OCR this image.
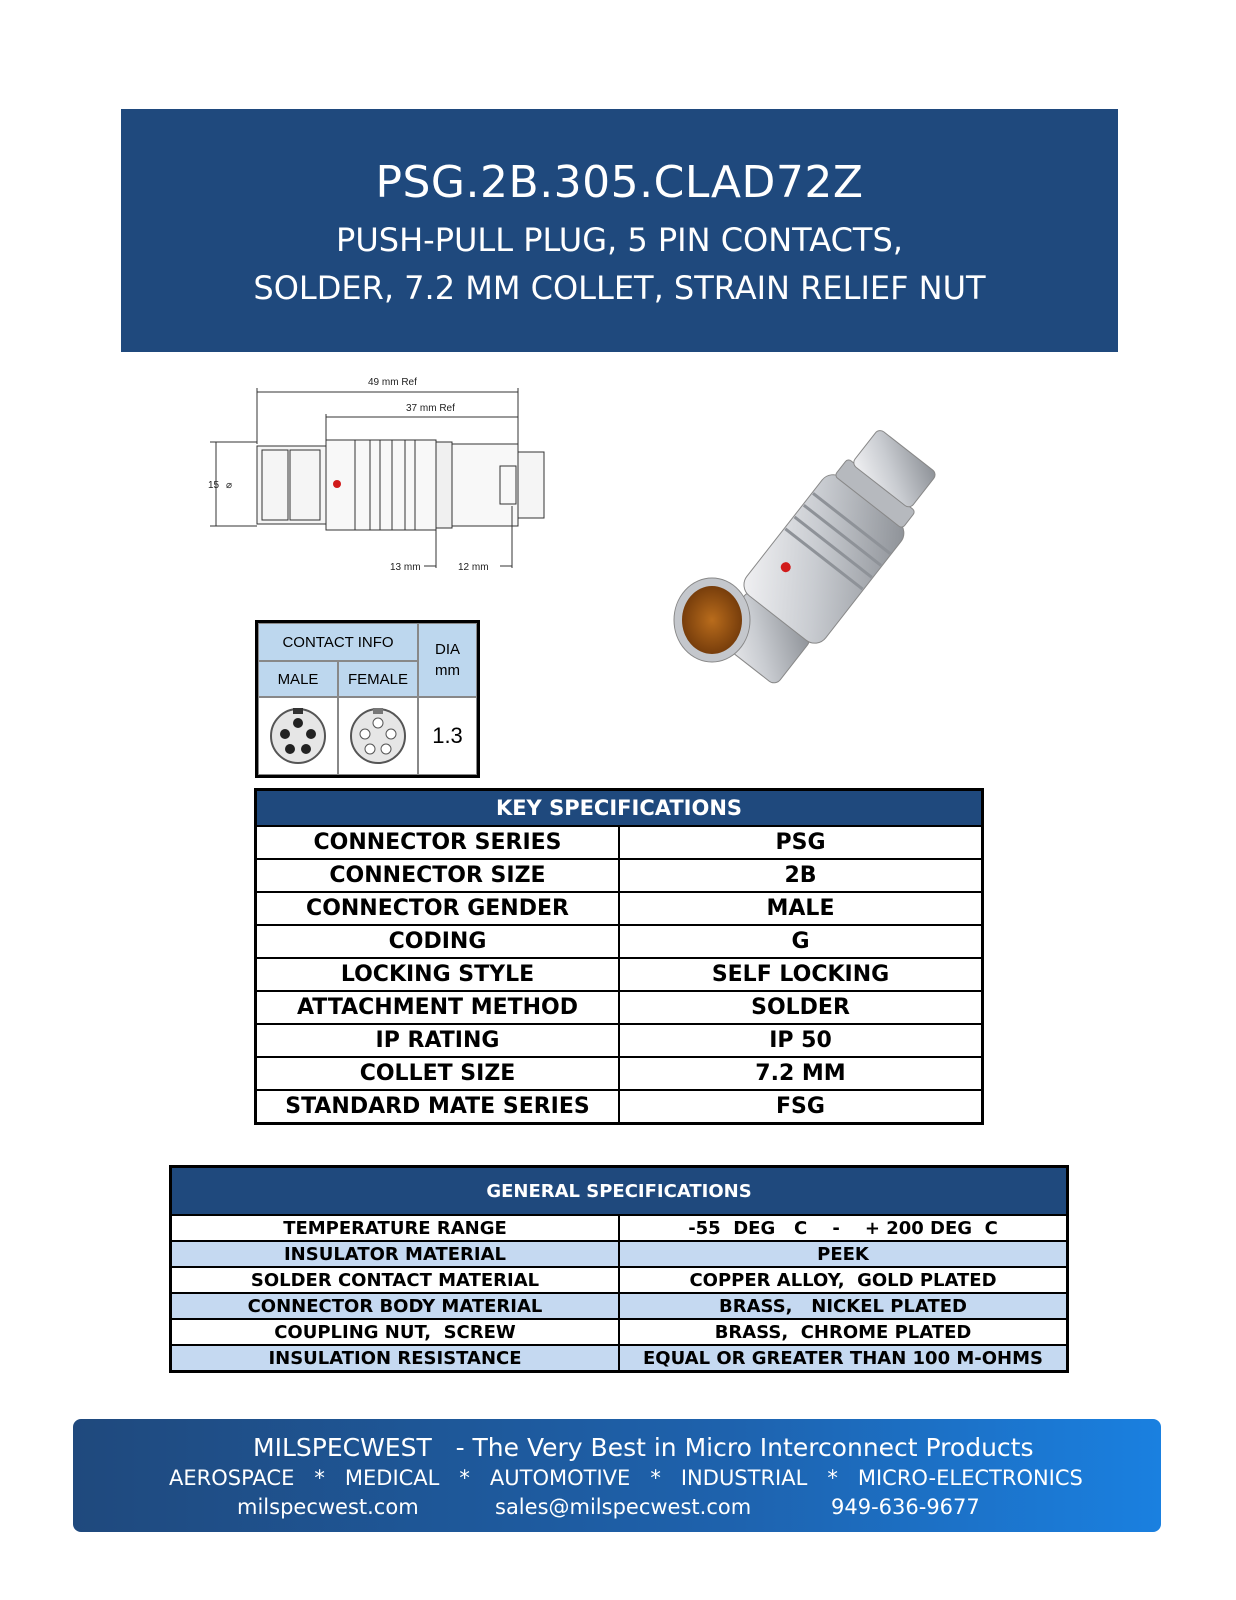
PSG.2B.305.CLAD72Z
PUSH-PULL PLUG, 5 PIN CONTACTS,
SOLDER, 7.2 MM COLLET, STRAIN RELIEF NUT
49 mm Ref
37 mm Ref
15 ⌀
13 mm	12 mm
CONTACT INFO	DIA
mm
MALE	FEMALE
1.3
KEY SPECIFICATIONS	
CONNECTOR SERIES	PSG
CONNECTOR SIZE	2B
CONNECTOR GENDER	MALE
CODING	G
LOCKING STYLE	SELF LOCKING
ATTACHMENT METHOD	SOLDER
IP RATING	IP 50
COLLET SIZE	7.2 MM
STANDARD MATE SERIES	FSG
GENERAL SPECIFICATIONS	
TEMPERATURE RANGE	-55  DEG   C    -    + 200 DEG  C
INSULATOR MATERIAL	PEEK
SOLDER CONTACT MATERIAL	COPPER ALLOY,  GOLD PLATED
CONNECTOR BODY MATERIAL	BRASS,   NICKEL PLATED
COUPLING NUT,  SCREW	BRASS,  CHROME PLATED
INSULATION RESISTANCE	EQUAL OR GREATER THAN 100 M-OHMS
MILSPECWEST   - The Very Best in Micro Interconnect Products
AEROSPACE   *   MEDICAL   *   AUTOMOTIVE   *   INDUSTRIAL   *   MICRO-ELECTRONICS
milspecwest.com	sales@milspecwest.com	949-636-9677
